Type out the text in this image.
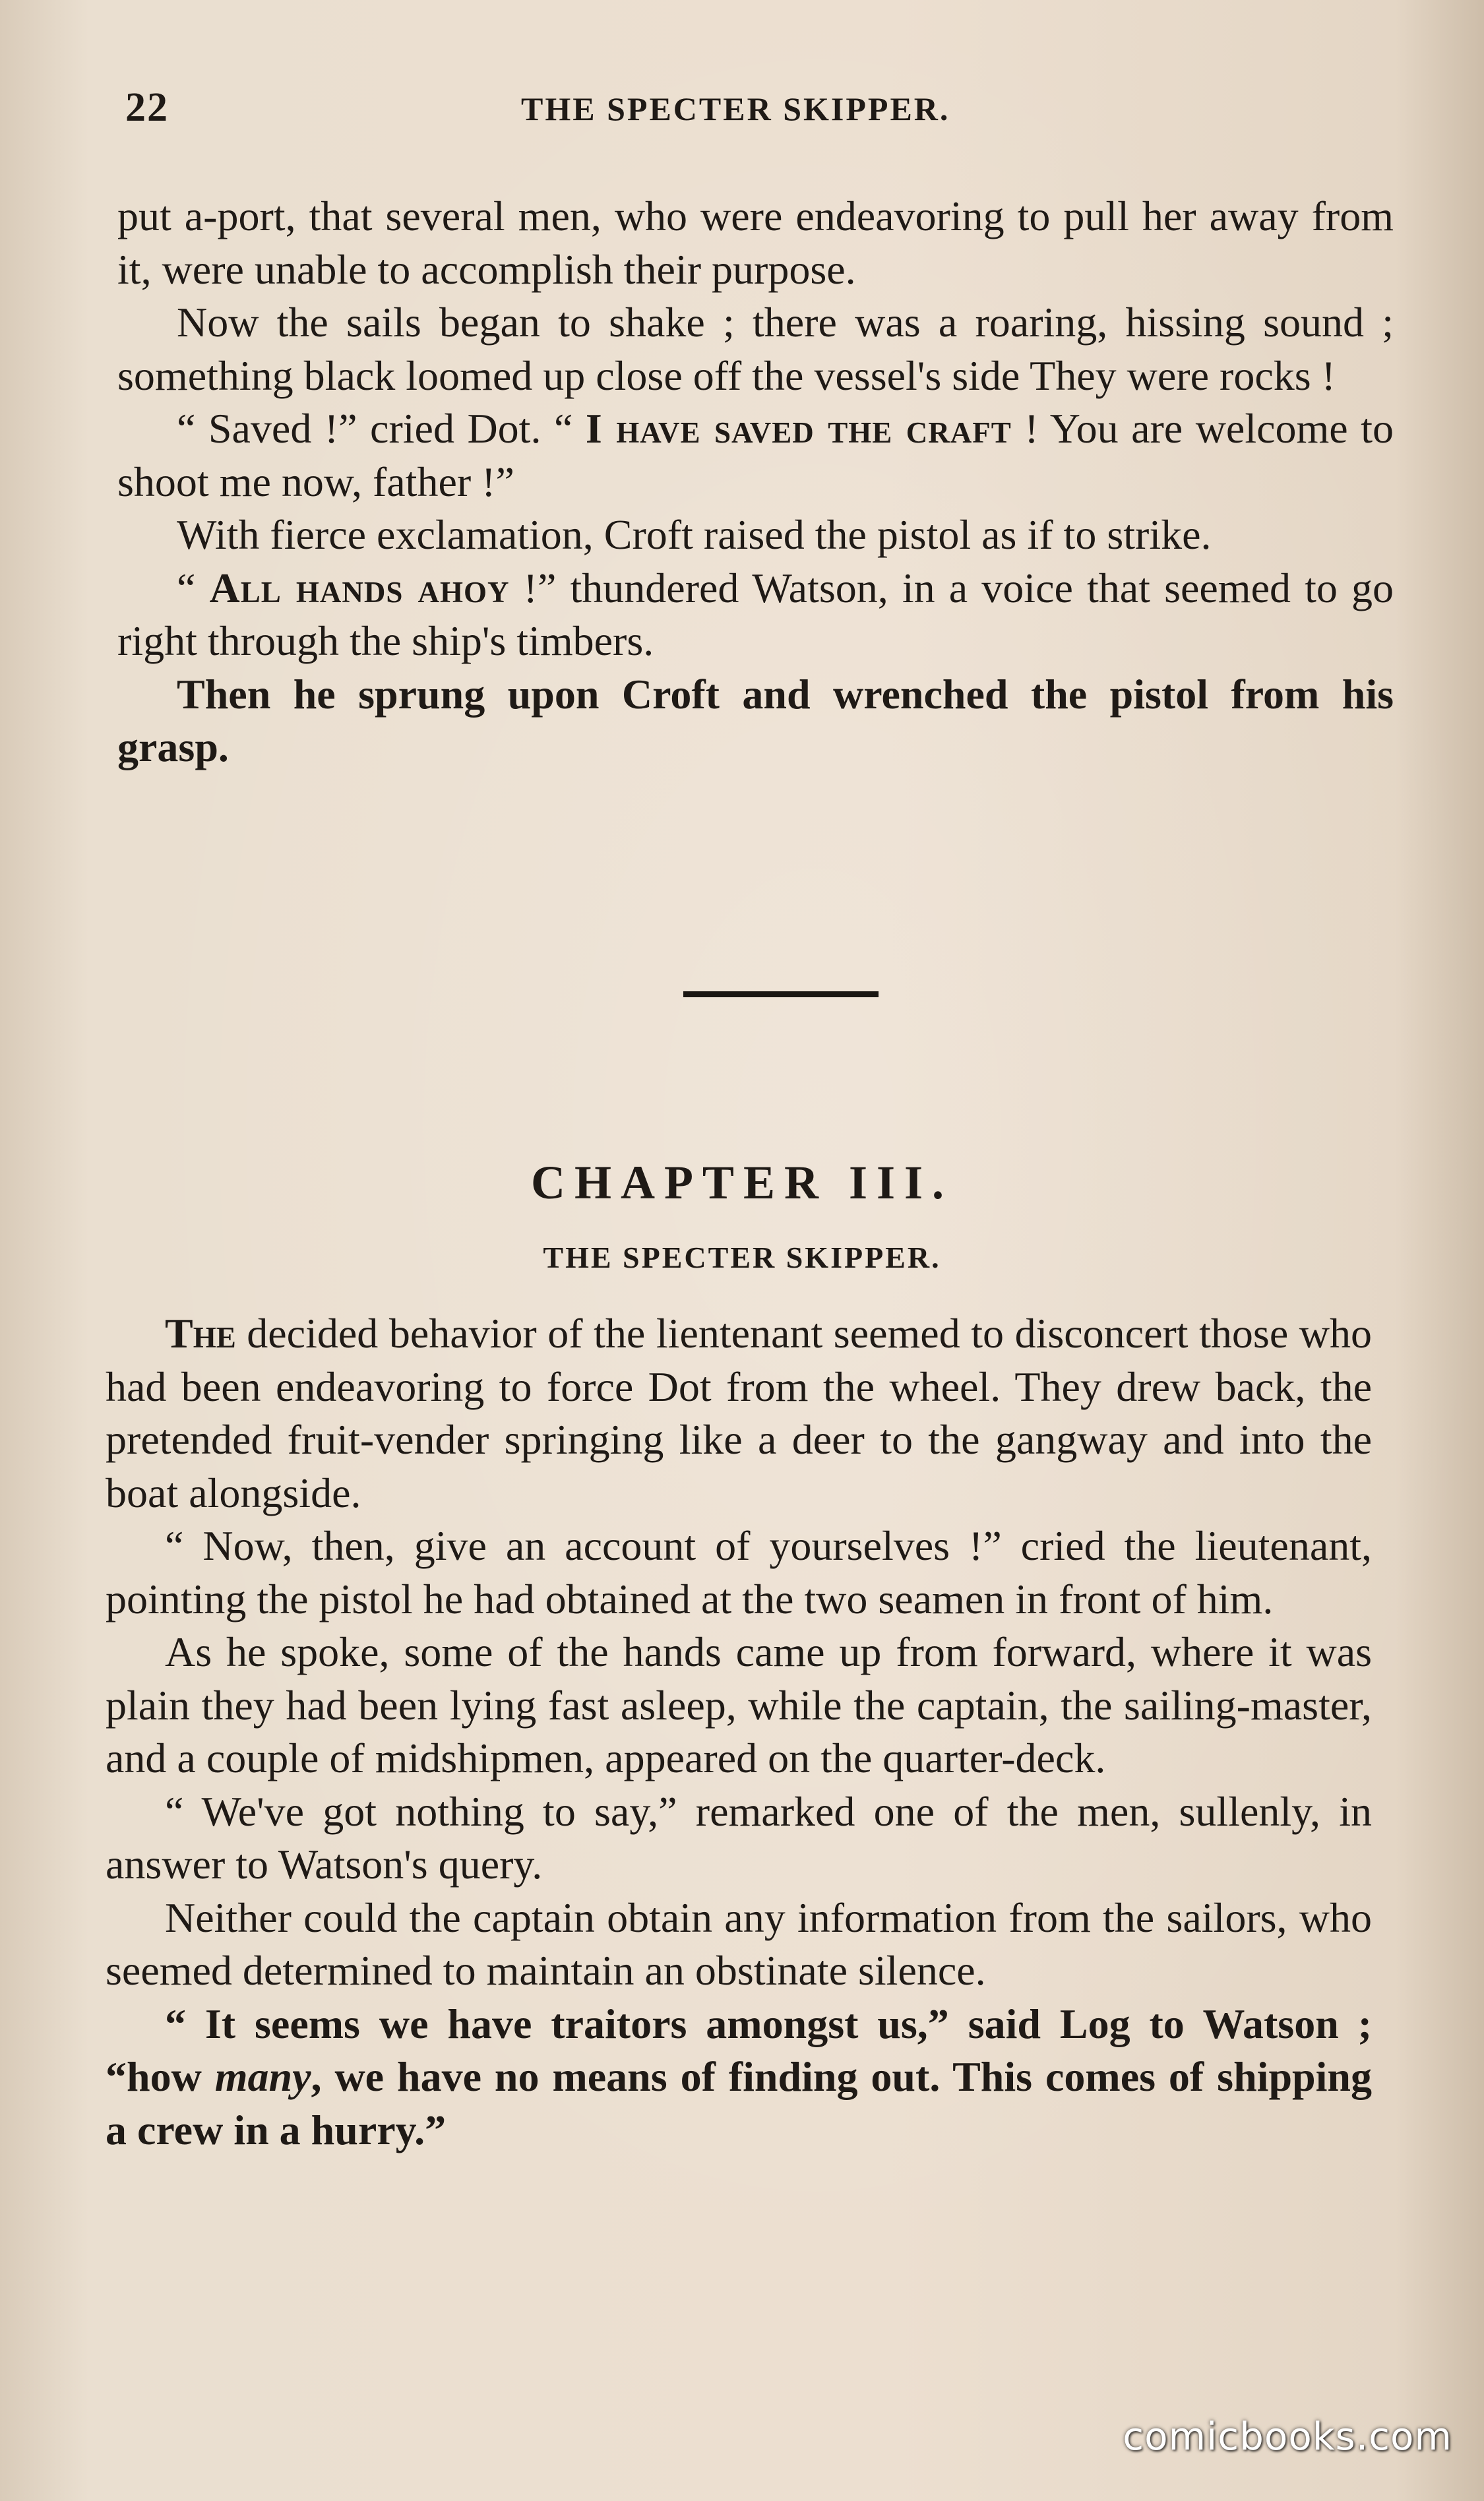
22	THE SPECTER SKIPPER.

put a-port, that several men, who were endeavoring to pull her away from it, were unable to accomplish their purpose.

Now the sails began to shake ; there was a roaring, hissing sound ; something black loomed up close off the vessel's side They were rocks !

“ Saved !” cried Dot. “ I have saved the craft ! You are welcome to shoot me now, father !”

With fierce exclamation, Croft raised the pistol as if to strike.

“ All hands ahoy !” thundered Watson, in a voice that seemed to go right through the ship's timbers.

Then he sprung upon Croft and wrenched the pistol from his grasp.

CHAPTER III.
THE SPECTER SKIPPER.

The decided behavior of the lientenant seemed to disconcert those who had been endeavoring to force Dot from the wheel. They drew back, the pretended fruit-vender springing like a deer to the gangway and into the boat alongside.

“ Now, then, give an account of yourselves !” cried the lieutenant, pointing the pistol he had obtained at the two seamen in front of him.

As he spoke, some of the hands came up from forward, where it was plain they had been lying fast asleep, while the captain, the sailing-master, and a couple of midshipmen, appeared on the quarter-deck.

“ We've got nothing to say,” remarked one of the men, sullenly, in answer to Watson's query.

Neither could the captain obtain any information from the sailors, who seemed determined to maintain an obstinate silence.

“ It seems we have traitors amongst us,” said Log to Watson ; “how many, we have no means of finding out. This comes of shipping a crew in a hurry.”

comicbooks.com
